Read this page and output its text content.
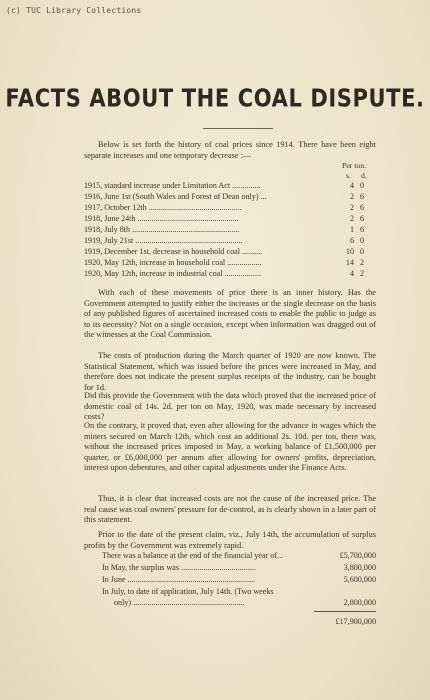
(c) TUC Library Collections
FACTS ABOUT THE COAL DISPUTE.

Below is set forth the history of coal prices since 1914. There have been eight separate increases and one temporary decrease :—

Per ton.
s. d.
1915, standard increase under Limitation Act ..............	4 0
1916, June 1st (South Wales and Forest of Dean only) ...	2 6
1917, October 12th ..............................................	2 6
1918, June 24th ..................................................	2 6
1918, July 8th .....................................................	1 6
1919, July 21st .....................................................	6 0
1919, December 1st, decrease in household coal ..........	10 0
1920, May 12th, increase in household coal .................	14 2
1920, May 12th, increase in industrial coal ..................	4 2

With each of these movements of price there is an inner history. Has the Government attempted to justify either the increases or the single decrease on the basis of any published figures of ascertained increased costs to enable the public to judge as to its necessity? Not on a single occasion, except when information was dragged out of the witnesses at the Coal Commission.

The costs of production during the March quarter of 1920 are now known. The Statistical Statement, which was issued before the prices were increased in May, and therefore does not indicate the present surplus receipts of the industry, can be bought for 1d.

Did this provide the Government with the data which proved that the increased price of domestic coal of 14s. 2d. per ton on May, 1920, was made necessary by increased costs?

On the contrary, it proved that, even after allowing for the advance in wages which the miners secured on March 12th, which cost an additional 2s. 10d. per ton, there was, without the increased prices imposed in May, a working balance of £1,500,000 per quarter, or £6,000,000 per annum after allowing for owners' profits, depreciation, interest upon debentures, and other capital adjustments under the Finance Acts.

Thus, it is clear that increased costs are not the cause of the increased price. The real cause was coal owners' pressure for de-control, as is clearly shown in a later part of this statement.

Prior to the date of the present claim, viz., July 14th, the accumulation of surplus profits by the Government was extremely rapid.

There was a balance at the end of the financial year of...	£5,700,000
In May, the surplus was .....................................	3,800,000
In June ...............................................................	5,600,000
In July, to date of application, July 14th. (Two weeks
only) .......................................................	2,800,000
£17,900,000
